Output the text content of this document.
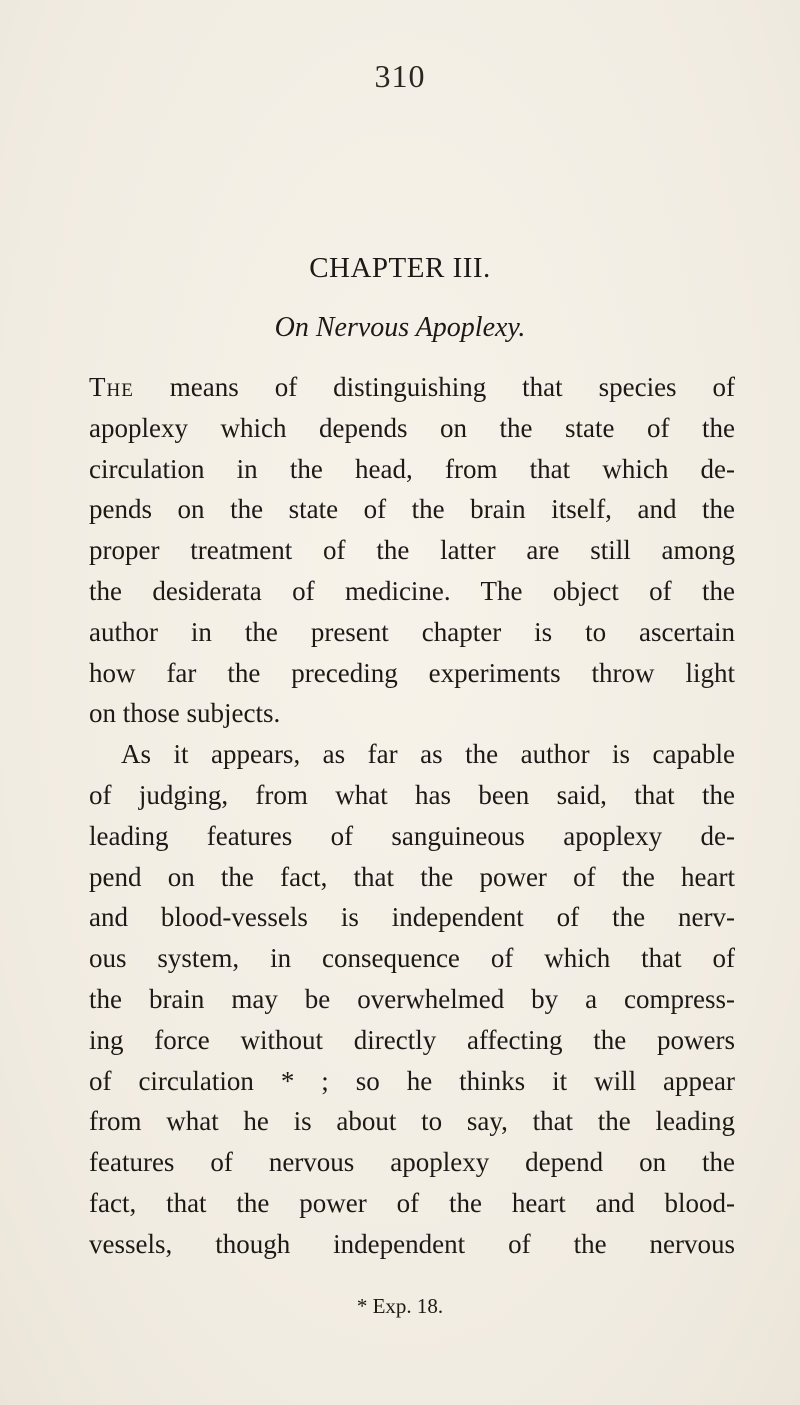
310
CHAPTER III.
On Nervous Apoplexy.
The means of distinguishing that species of
apoplexy which depends on the state of the
circulation in the head, from that which de-
pends on the state of the brain itself, and the
proper treatment of the latter are still among
the desiderata of medicine. The object of the
author in the present chapter is to ascertain
how far the preceding experiments throw light
on those subjects.
As it appears, as far as the author is capable
of judging, from what has been said, that the
leading features of sanguineous apoplexy de-
pend on the fact, that the power of the heart
and blood-vessels is independent of the nerv-
ous system, in consequence of which that of
the brain may be overwhelmed by a compress-
ing force without directly affecting the powers
of circulation * ; so he thinks it will appear
from what he is about to say, that the leading
features of nervous apoplexy depend on the
fact, that the power of the heart and blood-
vessels, though independent of the nervous
* Exp. 18.
